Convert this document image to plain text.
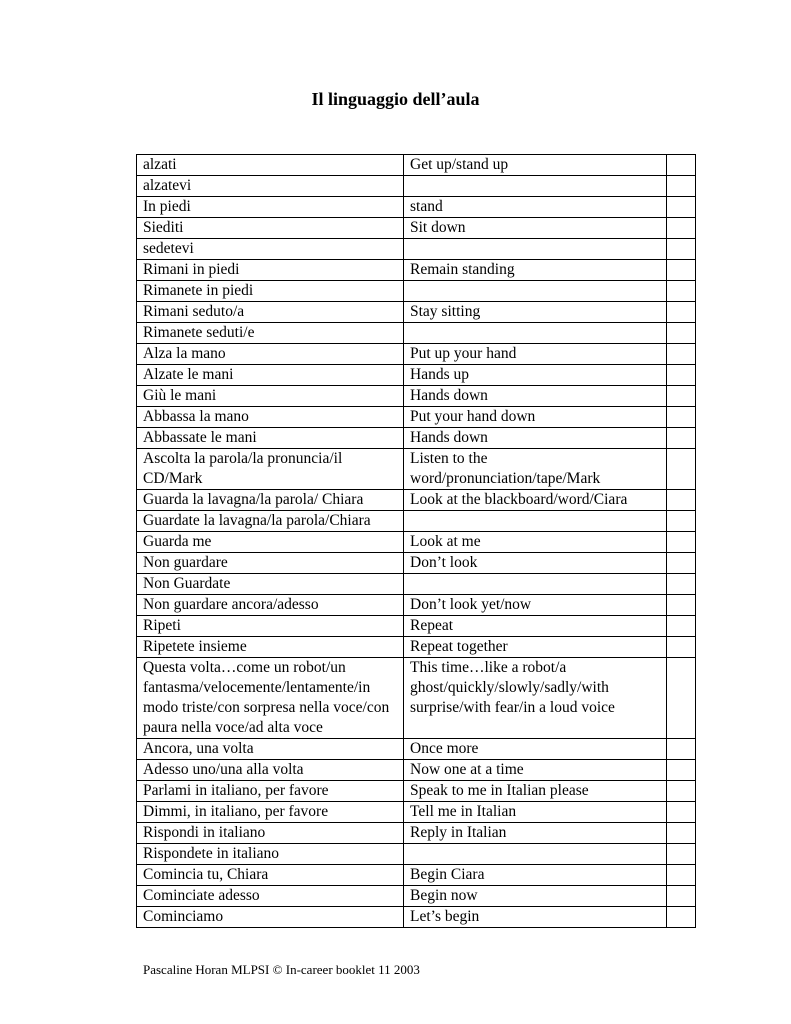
Il linguaggio dell’aula
alzati	Get up/stand up	
alzatevi		
In piedi	stand	
Siediti	Sit down	
sedetevi		
Rimani in piedi	Remain standing	
Rimanete in piedi		
Rimani seduto/a	Stay sitting	
Rimanete seduti/e		
Alza la mano	Put up your hand	
Alzate le mani	Hands up	
Giù le mani	Hands down	
Abbassa la mano	Put your hand down	
Abbassate le mani	Hands down	
Ascolta la parola/la pronuncia/il CD/Mark	Listen to the word/pronunciation/tape/Mark	
Guarda la lavagna/la parola/ Chiara	Look at the blackboard/word/Ciara	
Guardate la lavagna/la parola/Chiara		
Guarda me	Look at me	
Non guardare	Don’t look	
Non Guardate		
Non guardare ancora/adesso	Don’t look yet/now	
Ripeti	Repeat	
Ripetete insieme	Repeat together	
Questa volta…come un robot/un fantasma/velocemente/lentamente/in modo triste/con sorpresa nella voce/con paura nella voce/ad alta voce	This time…like a robot/a ghost/quickly/slowly/sadly/with surprise/with fear/in a loud voice	
Ancora, una volta	Once more	
Adesso uno/una alla volta	Now one at a time	
Parlami in italiano, per favore	Speak to me in Italian please	
Dimmi, in italiano, per favore	Tell me in Italian	
Rispondi in italiano	Reply in Italian	
Rispondete in italiano		
Comincia tu, Chiara	Begin Ciara	
Cominciate adesso	Begin now	
Cominciamo	Let’s begin	
Pascaline Horan MLPSI © In-career booklet 11 2003
